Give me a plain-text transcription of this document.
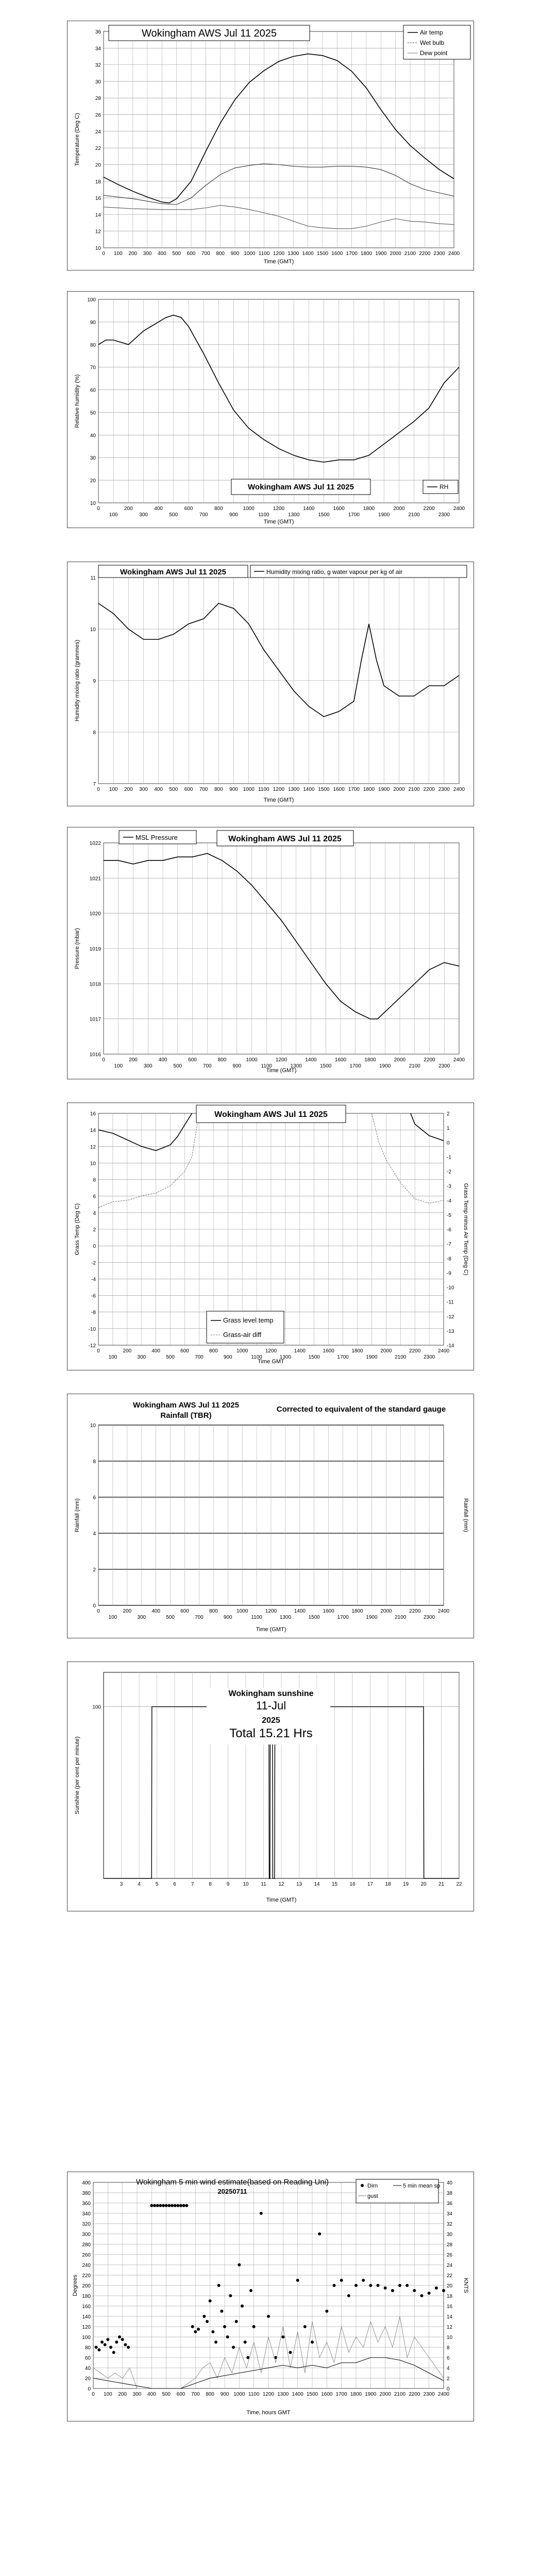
10
12
14
16
18
20
22
24
26
28
30
32
34
36
0 100 200 300 400 500 600 700 800 900 1000 1100 1200 1300 1400 1500 1600 1700 1800 1900 2000 2100 2200 2300 2400
Time (GMT)
Temperature (Deg C)
Wokingham AWS Jul 11 2025	Air temp
Wet bulb
Dew point
10
20
30
40
50
60
70
80
90
100
0	200	400	600	800	1000	1200	1400	1600	1800	2000	2200	2400
100	300	500	700	900	1100	1300	1500	1700	1900	2100	2300
Time (GMT)
Relative humidity (%)
Wokingham AWS Jul 11 2025	RH
7
8
9
10
11
0 100 200 300 400 500 600 700 800 900 1000 1100 1200 1300 1400 1500 1600 1700 1800 1900 2000 2100 2200 2300 2400
Time (GMT)
Humidity mixing ratio (grammes)
Wokingham AWS Jul 11 2025	Humidity mixing ratio, g water vapour per kg of air
1016
1017
1018
1019
1020
1021
1022
0	200	400	600	800	1000	1200	1400	1600	1800	2000	2200	2400
100	300	500	700	900	1100	1300	1500	1700	1900	2100	2300
Time (GMT)
Pressure (mbar)
MSL Pressure	Wokingham AWS Jul 11 2025
-12
-10
-8
-6
-4
-2
0
2
4
6
8
10
12
14
16
-14
-13
-12
-11
-10
-9
-8
-7
-6
-5
-4
-3
-2
-1
0
1
2
0	200	400	600	800	1000	1200	1400	1600	1800	2000	2200	2400
100	300	500	700	900	1100	1300	1500	1700	1900	2100	2300
Time GMT
Grass Temp (Deg C)	Grass Temp minus Air Temp (Deg C)
Wokingham AWS Jul 11 2025
Grass level temp
Grass-air diff
0
2
4
6
8
10
0	200	400	600	800	1000	1200	1400	1600	1800	2000	2200	2400
100	300	500	700	900	1100	1300	1500	1700	1900	2100	2300
Time (GMT)
Rainfall (mm)	Rainfall (mm)
Wokingham AWS Jul 11 2025
Rainfall (TBR)
Corrected to equivalent of the standard gauge
100
3	4	5	6	7	8	9	10 11 12 13 14 15 16 17 18 19 20 21 22
Time (GMT)
Sunshine (per cent per minute)
Wokingham sunshine
11-Jul
2025
Total 15.21 Hrs
0
20
40
60
80
100
120
140
160
180
200
220
240
260
280
300
320
340
360
380
400
0
2
4
6
8
10
12
14
16
18
20
22
24
26
28
30
32
34
36
38
40
0 100 200 300 400 500 600 700 800 900 1000 1100 1200 1300 1400 1500 1600 1700 1800 1900 2000 2100 2200 2300 2400
Time, hours GMT
Degrees	KNTS
Wokingham 5 min wind estimate(based on Reading Uni)
20250711
Dirn
gust
5 min mean sp
